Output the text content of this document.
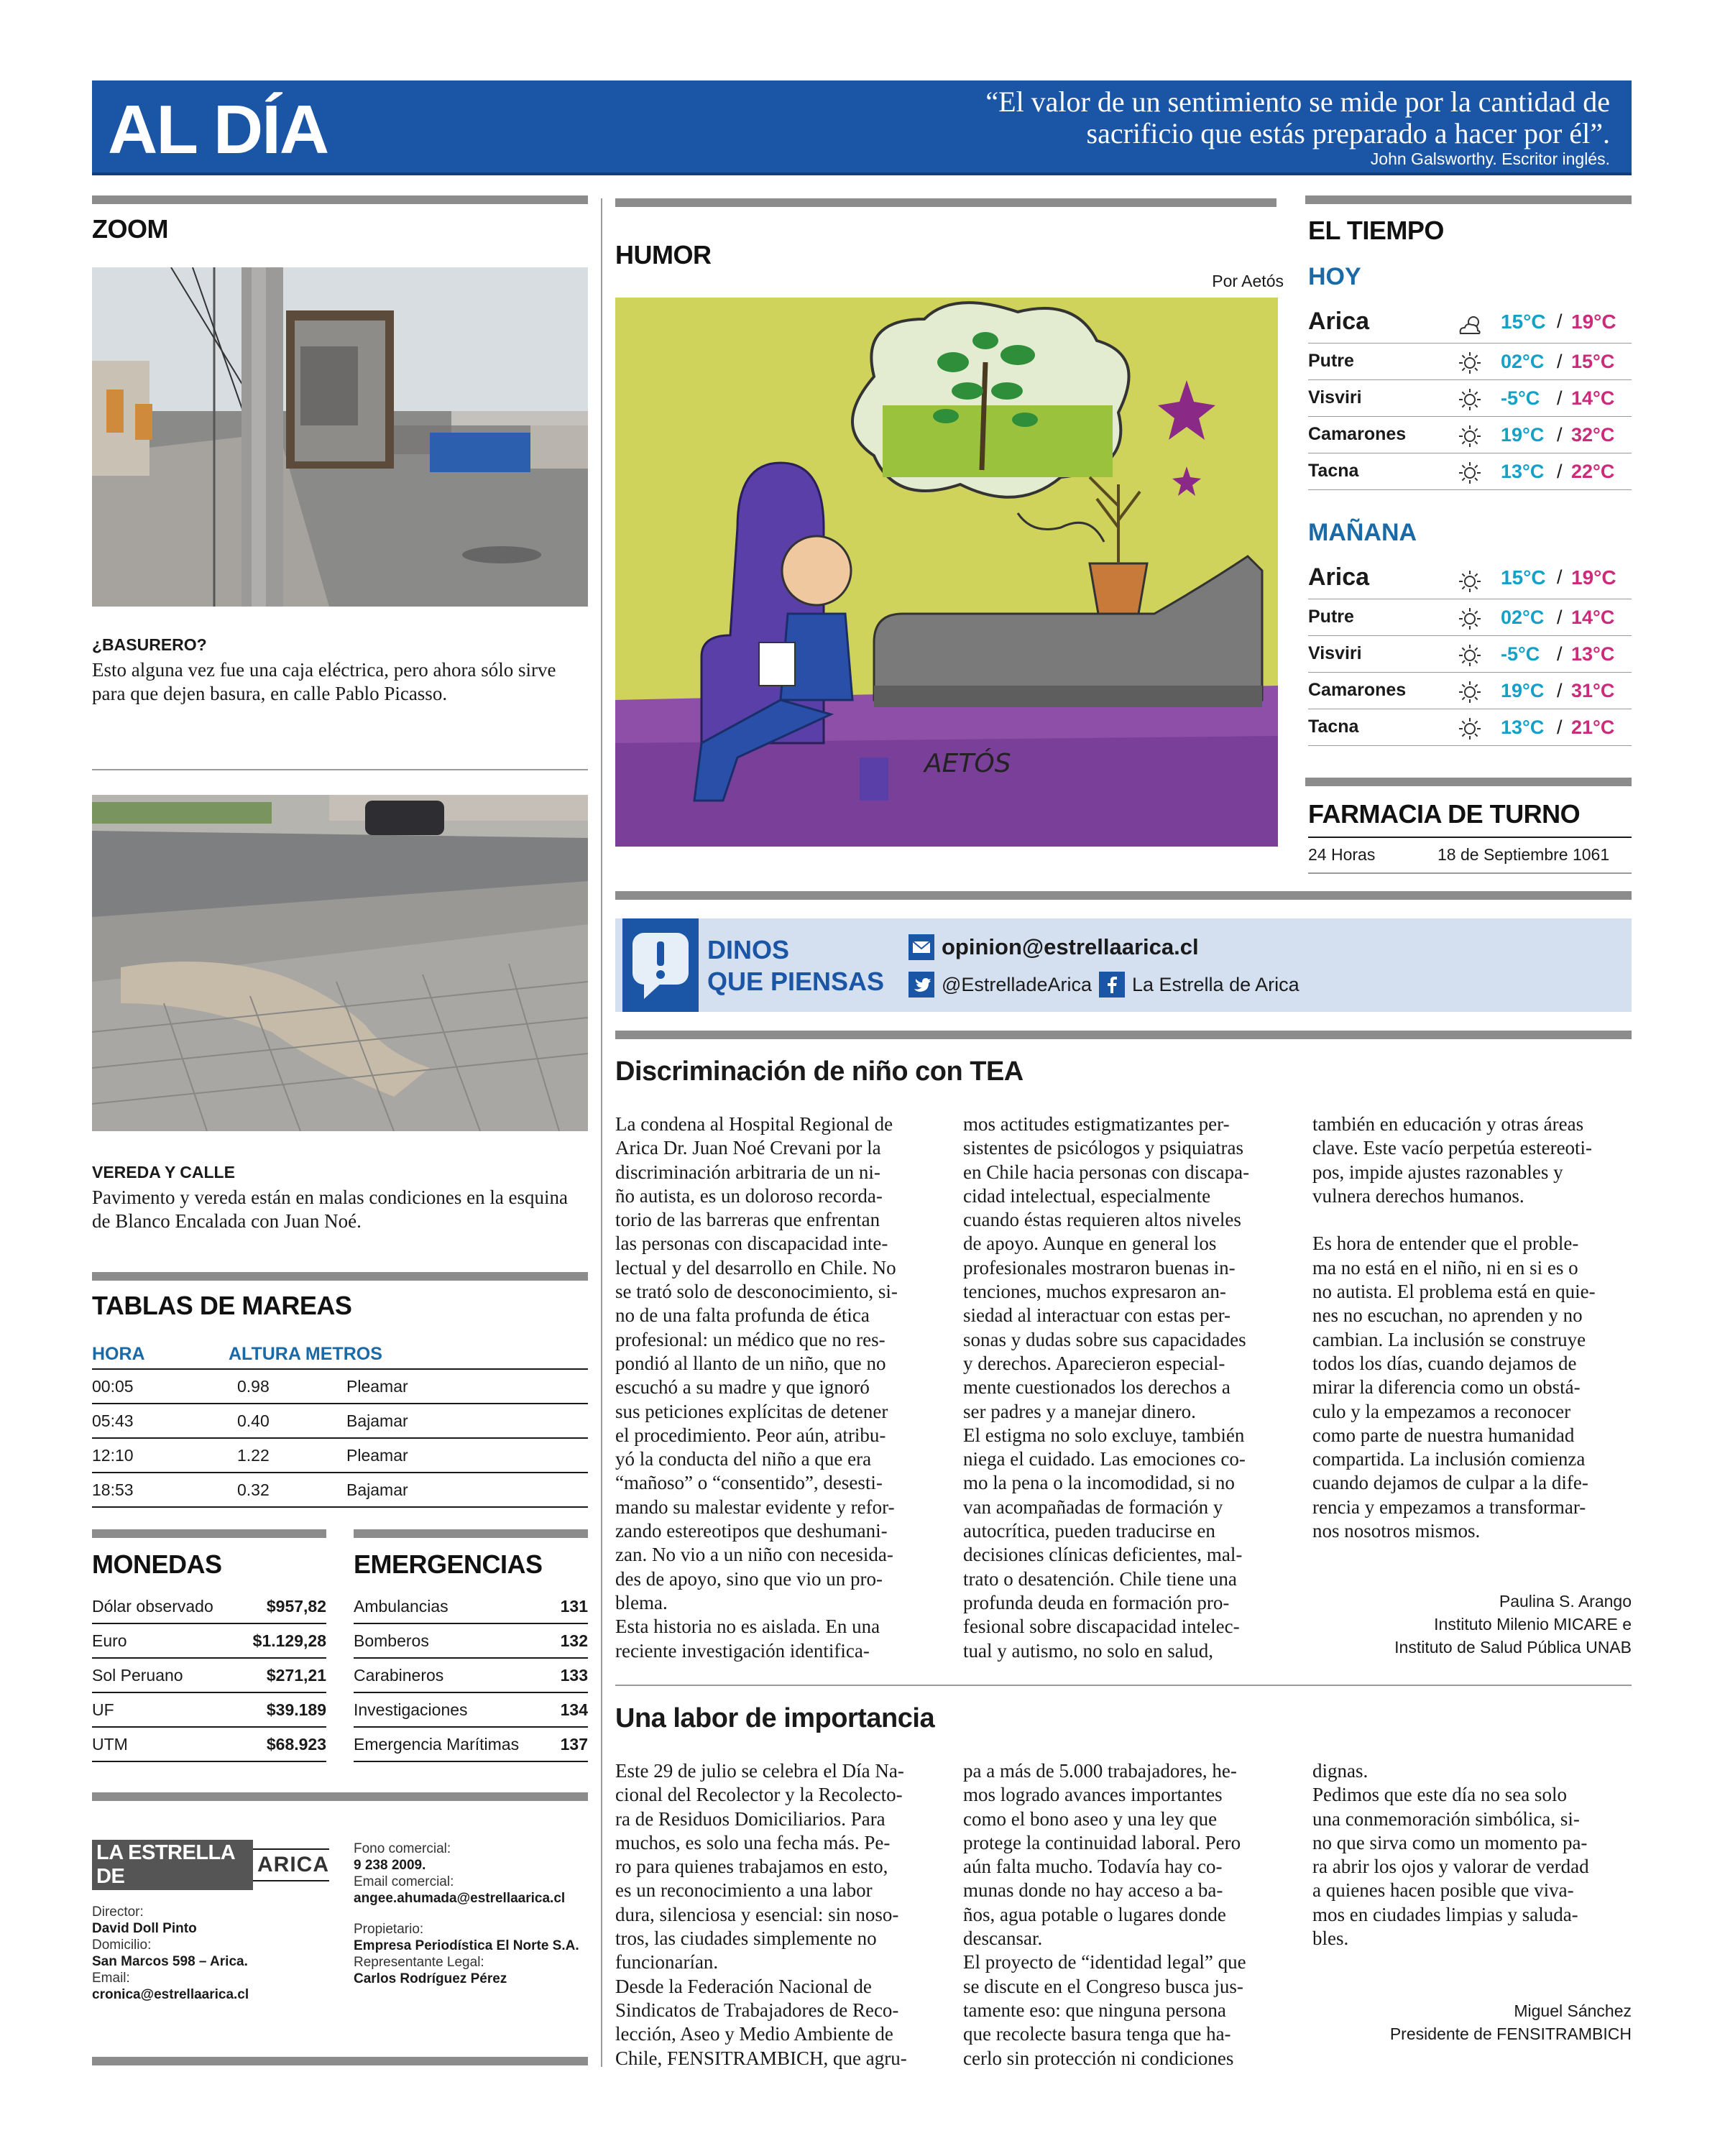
AL DÍA	“El valor de un sentimiento se mide por la cantidad de
sacrificio que estás preparado a hacer por él”.
John Galsworthy. Escritor inglés.
ZOOM
¿BASURERO?
Esto alguna vez fue una caja eléctrica, pero ahora sólo sirve para que dejen basura, en calle Pablo Picasso.
VEREDA Y CALLE
Pavimento y vereda están en malas condiciones en la esquina de Blanco Encalada con Juan Noé.
TABLAS DE MAREAS
HORA	ALTURA METROS
00:05	0.98	Pleamar
05:43	0.40	Bajamar
12:10	1.22	Pleamar
18:53	0.32	Bajamar
MONEDAS
Dólar observado	$957,82
Euro	$1.129,28
Sol Peruano	$271,21
UF	$39.189
UTM	$68.923
EMERGENCIAS
Ambulancias	131
Bomberos	132
Carabineros	133
Investigaciones	134
Emergencia Marítimas	137
LA ESTRELLA DE	ARICA
Director:
David Doll Pinto
Domicilio:
San Marcos 598 – Arica.
Email:
cronica@estrellaarica.cl
Fono comercial:
9 238 2009.
Email comercial:
angee.ahumada@estrellaarica.cl
Propietario:
Empresa Periodística El Norte S.A.
Representante Legal:
Carlos Rodríguez Pérez
HUMOR
Por Aetós
AETÓS
EL TIEMPO
HOY
Arica	15°C / 19°C
Putre	02°C / 15°C
Visviri	-5°C / 14°C
Camarones	19°C / 32°C
Tacna	13°C / 22°C
MAÑANA
Arica	15°C / 19°C
Putre	02°C / 14°C
Visviri	-5°C / 13°C
Camarones	19°C / 31°C
Tacna	13°C / 21°C
FARMACIA DE TURNO
24 Horas	18 de Septiembre 1061
DINOS
QUE PIENSAS
opinion@estrellaarica.cl
@EstrelladeArica La Estrella de Arica
Discriminación de niño con TEA
La condena al Hospital Regional de
Arica Dr. Juan Noé Crevani por la
discriminación arbitraria de un ni-
ño autista, es un doloroso recorda-
torio de las barreras que enfrentan
las personas con discapacidad inte-
lectual y del desarrollo en Chile. No
se trató solo de desconocimiento, si-
no de una falta profunda de ética
profesional: un médico que no res-
pondió al llanto de un niño, que no
escuchó a su madre y que ignoró
sus peticiones explícitas de detener
el procedimiento. Peor aún, atribu-
yó la conducta del niño a que era
“mañoso” o “consentido”, desesti-
mando su malestar evidente y refor-
zando estereotipos que deshumani-
zan. No vio a un niño con necesida-
des de apoyo, sino que vio un pro-
blema.
Esta historia no es aislada. En una
reciente investigación identifica-
mos actitudes estigmatizantes per-
sistentes de psicólogos y psiquiatras
en Chile hacia personas con discapa-
cidad intelectual, especialmente
cuando éstas requieren altos niveles
de apoyo. Aunque en general los
profesionales mostraron buenas in-
tenciones, muchos expresaron an-
siedad al interactuar con estas per-
sonas y dudas sobre sus capacidades
y derechos. Aparecieron especial-
mente cuestionados los derechos a
ser padres y a manejar dinero.
El estigma no solo excluye, también
niega el cuidado. Las emociones co-
mo la pena o la incomodidad, si no
van acompañadas de formación y
autocrítica, pueden traducirse en
decisiones clínicas deficientes, mal-
trato o desatención. Chile tiene una
profunda deuda en formación pro-
fesional sobre discapacidad intelec-
tual y autismo, no solo en salud,
también en educación y otras áreas
clave. Este vacío perpetúa estereoti-
pos, impide ajustes razonables y
vulnera derechos humanos.

Es hora de entender que el proble-
ma no está en el niño, ni en si es o
no autista. El problema está en quie-
nes no escuchan, no aprenden y no
cambian. La inclusión se construye
todos los días, cuando dejamos de
mirar la diferencia como un obstá-
culo y la empezamos a reconocer
como parte de nuestra humanidad
compartida. La inclusión comienza
cuando dejamos de culpar a la dife-
rencia y empezamos a transformar-
nos nosotros mismos.
Paulina S. Arango
Instituto Milenio MICARE e
Instituto de Salud Pública UNAB
Una labor de importancia
Este 29 de julio se celebra el Día Na-
cional del Recolector y la Recolecto-
ra de Residuos Domiciliarios. Para
muchos, es solo una fecha más. Pe-
ro para quienes trabajamos en esto,
es un reconocimiento a una labor
dura, silenciosa y esencial: sin noso-
tros, las ciudades simplemente no
funcionarían.
Desde la Federación Nacional de
Sindicatos de Trabajadores de Reco-
lección, Aseo y Medio Ambiente de
Chile, FENSITRAMBICH, que agru-
pa a más de 5.000 trabajadores, he-
mos logrado avances importantes
como el bono aseo y una ley que
protege la continuidad laboral. Pero
aún falta mucho. Todavía hay co-
munas donde no hay acceso a ba-
ños, agua potable o lugares donde
descansar.
El proyecto de “identidad legal” que
se discute en el Congreso busca jus-
tamente eso: que ninguna persona
que recolecte basura tenga que ha-
cerlo sin protección ni condiciones
dignas.
Pedimos que este día no sea solo
una conmemoración simbólica, si-
no que sirva como un momento pa-
ra abrir los ojos y valorar de verdad
a quienes hacen posible que viva-
mos en ciudades limpias y saluda-
bles.
Miguel Sánchez
Presidente de FENSITRAMBICH
